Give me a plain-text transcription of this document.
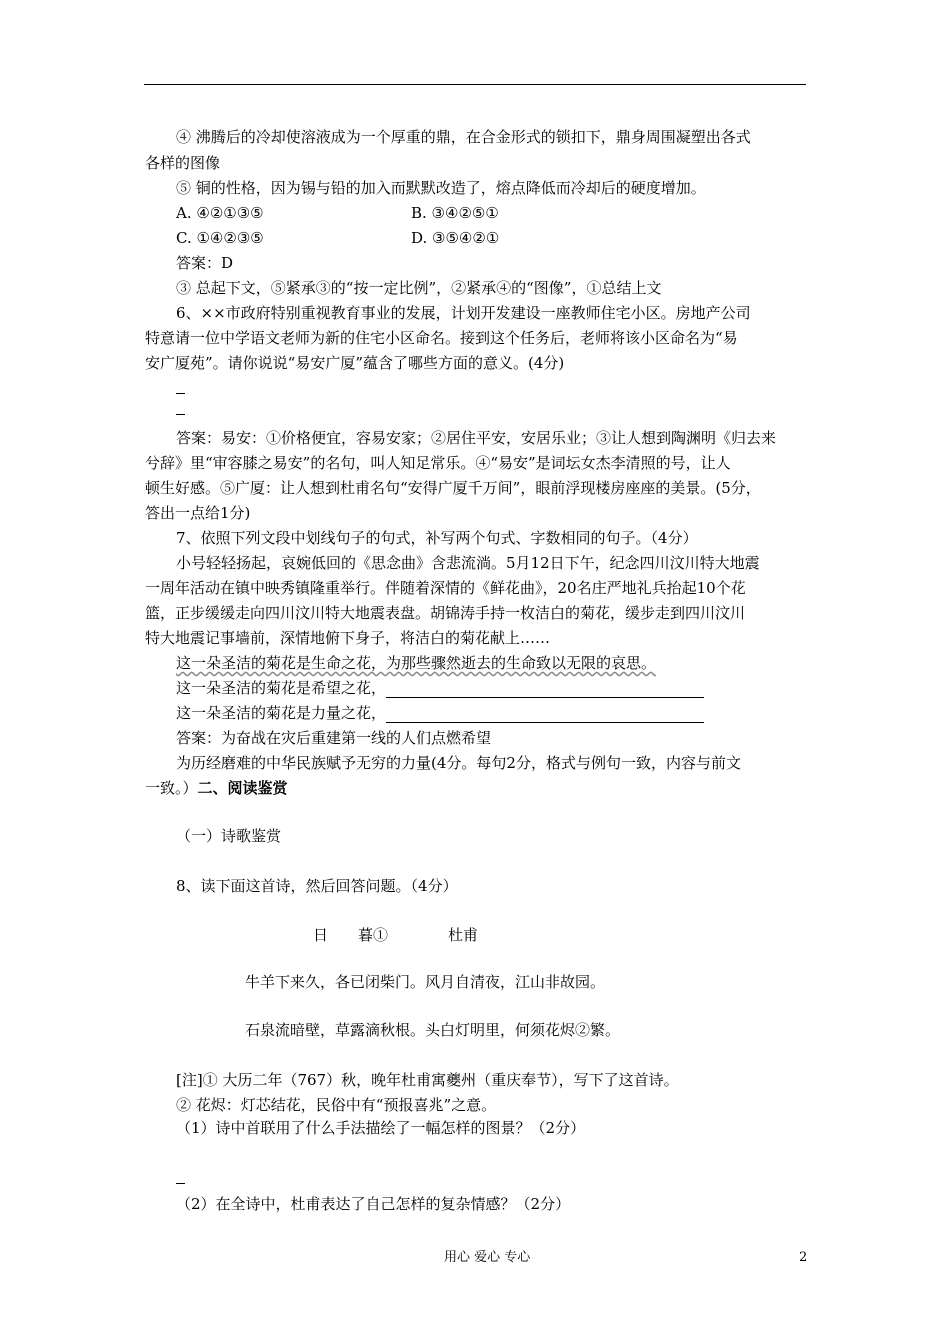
④ 沸腾后的冷却使溶液成为一个厚重的鼎，在合金形式的锁扣下，鼎身周围凝塑出各式
各样的图像
⑤ 铜的性格，因为锡与铅的加入而默默改造了，熔点降低而冷却后的硬度增加。
A. ④②①③⑤	B. ③④②⑤①
C. ①④②③⑤	D. ③⑤④②①
答案：D
③ 总起下文，⑤紧承③的“按一定比例”，②紧承④的“图像”，①总结上文
6、××市政府特别重视教育事业的发展，计划开发建设一座教师住宅小区。房地产公司
特意请一位中学语文老师为新的住宅小区命名。接到这个任务后，老师将该小区命名为“易
安广厦苑”。请你说说“易安广厦”蕴含了哪些方面的意义。(4分)
答案：易安：①价格便宜，容易安家；②居住平安，安居乐业；③让人想到陶渊明《归去来
兮辞》里“审容膝之易安”的名句，叫人知足常乐。④“易安”是词坛女杰李清照的号，让人
顿生好感。⑤广厦：让人想到杜甫名句“安得广厦千万间”，眼前浮现楼房座座的美景。(5分，
答出一点给1分)
7、依照下列文段中划线句子的句式，补写两个句式、字数相同的句子。（4分）
小号轻轻扬起，哀婉低回的《思念曲》含悲流淌。5月12日下午，纪念四川汶川特大地震
一周年活动在镇中映秀镇隆重举行。伴随着深情的《鲜花曲》，20名庄严地礼兵抬起10个花
篮，正步缓缓走向四川汶川特大地震表盘。胡锦涛手持一枚洁白的菊花，缓步走到四川汶川
特大地震记事墙前，深情地俯下身子，将洁白的菊花献上……
这一朵圣洁的菊花是生命之花，为那些骤然逝去的生命致以无限的哀思。
这一朵圣洁的菊花是希望之花，
这一朵圣洁的菊花是力量之花，
答案：为奋战在灾后重建第一线的人们点燃希望
为历经磨难的中华民族赋予无穷的力量(4分。每句2分，格式与例句一致，内容与前文
一致。）二、阅读鉴赏
（一）诗歌鉴赏
8、读下面这首诗，然后回答问题。（4分）
日　　暮①	杜甫
牛羊下来久，各已闭柴门。风月自清夜，江山非故园。
石泉流暗壁，草露滴秋根。头白灯明里，何须花烬②繁。
[注]① 大历二年（767）秋，晚年杜甫寓夔州（重庆奉节），写下了这首诗。
② 花烬：灯芯结花，民俗中有“预报喜兆”之意。
（1）诗中首联用了什么手法描绘了一幅怎样的图景？（2分）
（2）在全诗中，杜甫表达了自己怎样的复杂情感？（2分）
用心 爱心 专心	2
